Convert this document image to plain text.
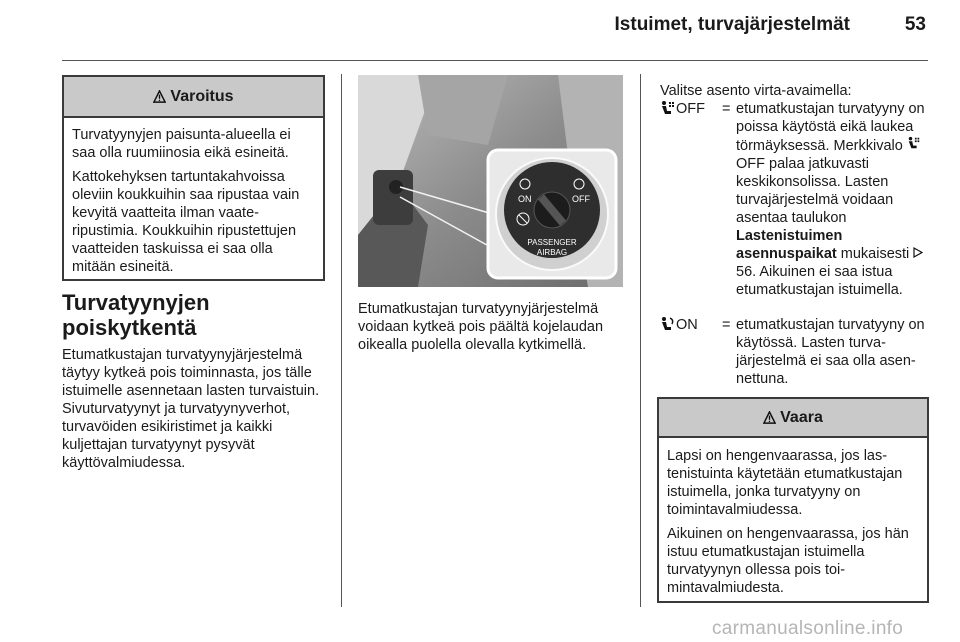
Istuimet, turvajärjestelmät	53
Varoitus

Turvatyynyjen paisunta-alueella ei saa olla ruumiinosia eikä esineitä.

Kattokehyksen tartuntakahvoissa oleviin koukkuihin saa ripustaa vain kevyitä vaatteita ilman vaateripustimia. Koukkuihin ripustettujen vaatteiden taskuissa ei saa olla mitään esineitä.

Turvatyynyjen
poiskytkentä
Etumatkustajan turvatyynyjärjestelmä täytyy kytkeä pois toiminnasta, jos tälle istuimelle asennetaan lasten turvaistuin. Sivuturvatyynyt ja turvatyynyverhot, turvavöiden esikiristimet ja kaikki kuljettajan turvatyynyt pysyvät käyttövalmiudessa.
ON	OFF
PASSENGER
AIRBAG
Etumatkustajan turvatyynyjärjestelmä voidaan kytkeä pois päältä kojelaudan oikealla puolella olevalla kytkimellä.
Valitse asento virta-avaimella:
OFF = etumatkustajan turvatyyny on poissa käytöstä eikä laukea törmäyksessä. Merkkivalo OFF palaa jatkuvasti keskikonsolissa. Lasten turvajärjestelmä voidaan asentaa taulukon Lastenistuimen asennuspaikat mukaisesti  56. Aikuinen ei saa istua etumatkustajan istuimella.
ON = etumatkustajan turvatyyny on käytössä. Lasten turvajärjestelmä ei saa olla asennettuna.
Vaara

Lapsi on hengenvaarassa, jos lastenistuinta käytetään etumatkustajan istuimella, jonka turvatyyny on toimintavalmiudessa.

Aikuinen on hengenvaarassa, jos hän istuu etumatkustajan istuimella turvatyynyn ollessa pois toimintavalmiudesta.

carmanualsonline.info
